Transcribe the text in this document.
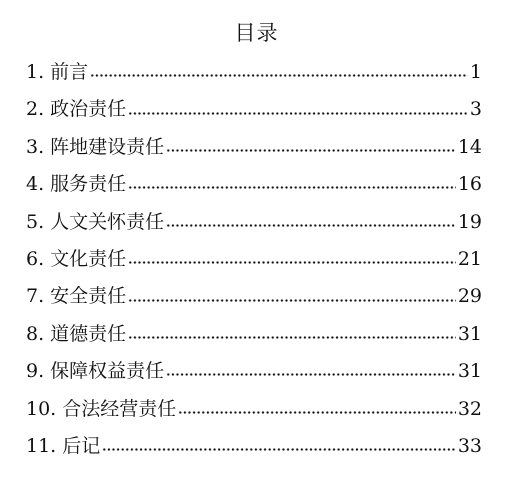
目录
1. 前言	1
2. 政治责任	3
3. 阵地建设责任	14
4. 服务责任	16
5. 人文关怀责任	19
6. 文化责任	21
7. 安全责任	29
8. 道德责任	31
9. 保障权益责任	31
10. 合法经营责任	32
11. 后记	33
